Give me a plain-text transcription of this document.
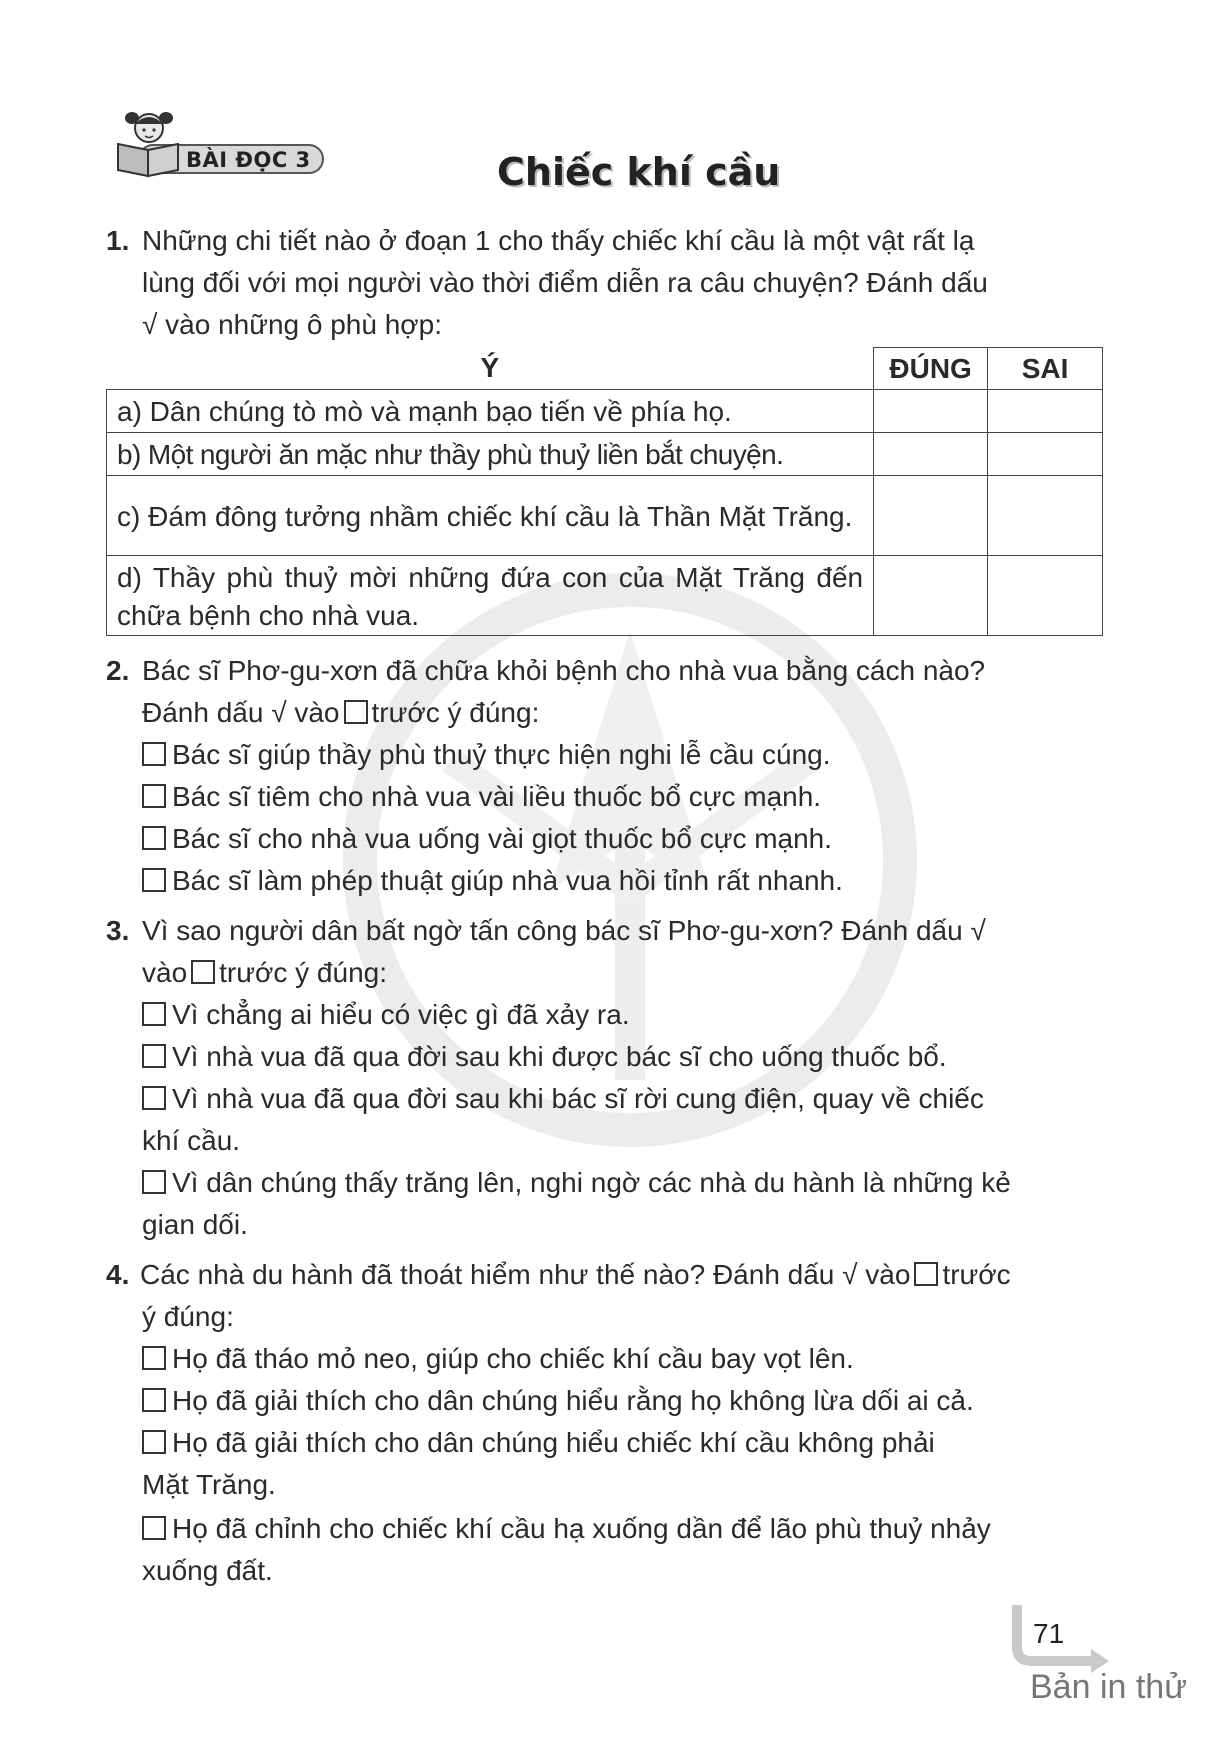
BÀI ĐỌC 3	Chiếc khí cầu
1. Những chi tiết nào ở đoạn 1 cho thấy chiếc khí cầu là một vật rất lạ
lùng đối với mọi người vào thời điểm diễn ra câu chuyện? Đánh dấu
√ vào những ô phù hợp:
Ý	ĐÚNG	SAI
a) Dân chúng tò mò và mạnh bạo tiến về phía họ.		
b) Một người ăn mặc như thầy phù thuỷ liền bắt chuyện.		
c) Đám đông tưởng nhầm chiếc khí cầu là Thần Mặt Trăng.		
d) Thầy phù thuỷ mời những đứa con của Mặt Trăng đến chữa bệnh cho nhà vua.		
2. Bác sĩ Phơ-gu-xơn đã chữa khỏi bệnh cho nhà vua bằng cách nào?
Đánh dấu √ vào trước ý đúng:
Bác sĩ giúp thầy phù thuỷ thực hiện nghi lễ cầu cúng.
Bác sĩ tiêm cho nhà vua vài liều thuốc bổ cực mạnh.
Bác sĩ cho nhà vua uống vài giọt thuốc bổ cực mạnh.
Bác sĩ làm phép thuật giúp nhà vua hồi tỉnh rất nhanh.
3. Vì sao người dân bất ngờ tấn công bác sĩ Phơ-gu-xơn? Đánh dấu √
vào trước ý đúng:
Vì chẳng ai hiểu có việc gì đã xảy ra.
Vì nhà vua đã qua đời sau khi được bác sĩ cho uống thuốc bổ.
Vì nhà vua đã qua đời sau khi bác sĩ rời cung điện, quay về chiếc
khí cầu.
Vì dân chúng thấy trăng lên, nghi ngờ các nhà du hành là những kẻ
gian dối.
4. Các nhà du hành đã thoát hiểm như thế nào? Đánh dấu √ vào trước
ý đúng:
Họ đã tháo mỏ neo, giúp cho chiếc khí cầu bay vọt lên.
Họ đã giải thích cho dân chúng hiểu rằng họ không lừa dối ai cả.
Họ đã giải thích cho dân chúng hiểu chiếc khí cầu không phải
Mặt Trăng.
Họ đã chỉnh cho chiếc khí cầu hạ xuống dần để lão phù thuỷ nhảy
xuống đất.
71
Bản in thử
